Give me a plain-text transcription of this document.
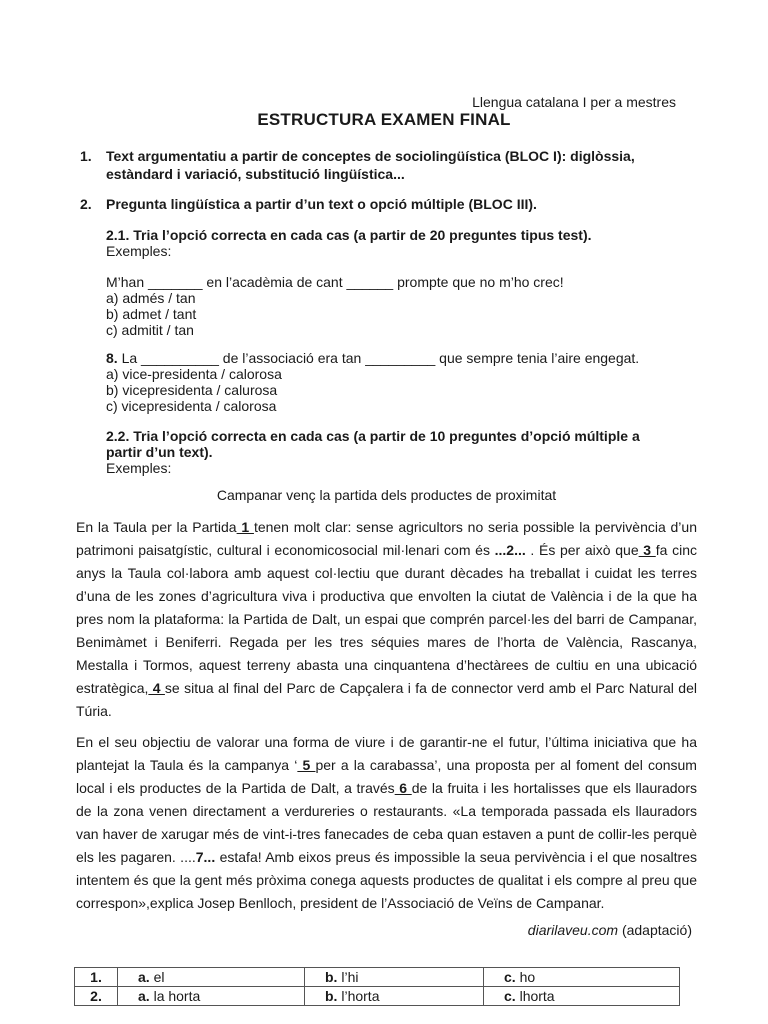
Llengua catalana I per a mestres
ESTRUCTURA EXAMEN FINAL
1. Text argumentatiu a partir de conceptes de sociolingüística (BLOC I): diglòssia, estàndard i variació, substitució lingüística...
2. Pregunta lingüística a partir d’un text o opció múltiple (BLOC III).
2.1. Tria l’opció correcta en cada cas (a partir de 20 preguntes tipus test).
Exemples:
M’han _______ en l’acadèmia de cant ______ prompte que no m’ho crec!
a) admés / tan
b) admet / tant
c) admitit / tan
8. La __________ de l’associació era tan _________ que sempre tenia l’aire engegat.
a) vice-presidenta / calorosa
b) vicepresidenta / calurosa
c) vicepresidenta / calorosa
2.2. Tria l’opció correcta en cada cas (a partir de 10 preguntes d’opció múltiple a
partir d’un text).
Exemples:
Campanar venç la partida dels productes de proximitat
En la Taula per la Partida 1 tenen molt clar: sense agricultors no seria possible la pervivència d’un patrimoni paisatgístic, cultural i economicosocial mil·lenari com és ...2... . És per això que 3 fa cinc anys la Taula col·labora amb aquest col·lectiu que durant dècades ha treballat i cuidat les terres d’una de les zones d’agricultura viva i productiva que envolten la ciutat de València i de la que ha pres nom la plataforma: la Partida de Dalt, un espai que comprén parcel·les del barri de Campanar, Benimàmet i Beniferri. Regada per les tres séquies mares de l’horta de València, Rascanya, Mestalla i Tormos, aquest terreny abasta una cinquantena d’hectàrees de cultiu en una ubicació estratègica, 4 se situa al final del Parc de Capçalera i fa de connector verd amb el Parc Natural del Túria.
En el seu objectiu de valorar una forma de viure i de garantir-ne el futur, l’última iniciativa que ha plantejat la Taula és la campanya ‘ 5 per a la carabassa’, una proposta per al foment del consum local i els productes de la Partida de Dalt, a través 6 de la fruita i les hortalisses que els llauradors de la zona venen directament a verdureries o restaurants. «La temporada passada els llauradors van haver de xarugar més de vint-i-tres fanecades de ceba quan estaven a punt de collir-les perquè els les pagaren. ....7... estafa! Amb eixos preus és impossible la seua pervivència i el que nosaltres intentem és que la gent més pròxima conega aquests productes de qualitat i els compre al preu que correspon»,explica Josep Benlloch, president de l’Associació de Veïns de Campanar.
diarilaveu.com (adaptació)
1.	a. el	b. l’hi	c. ho
2.	a. la horta	b. l’horta	c. lhorta
